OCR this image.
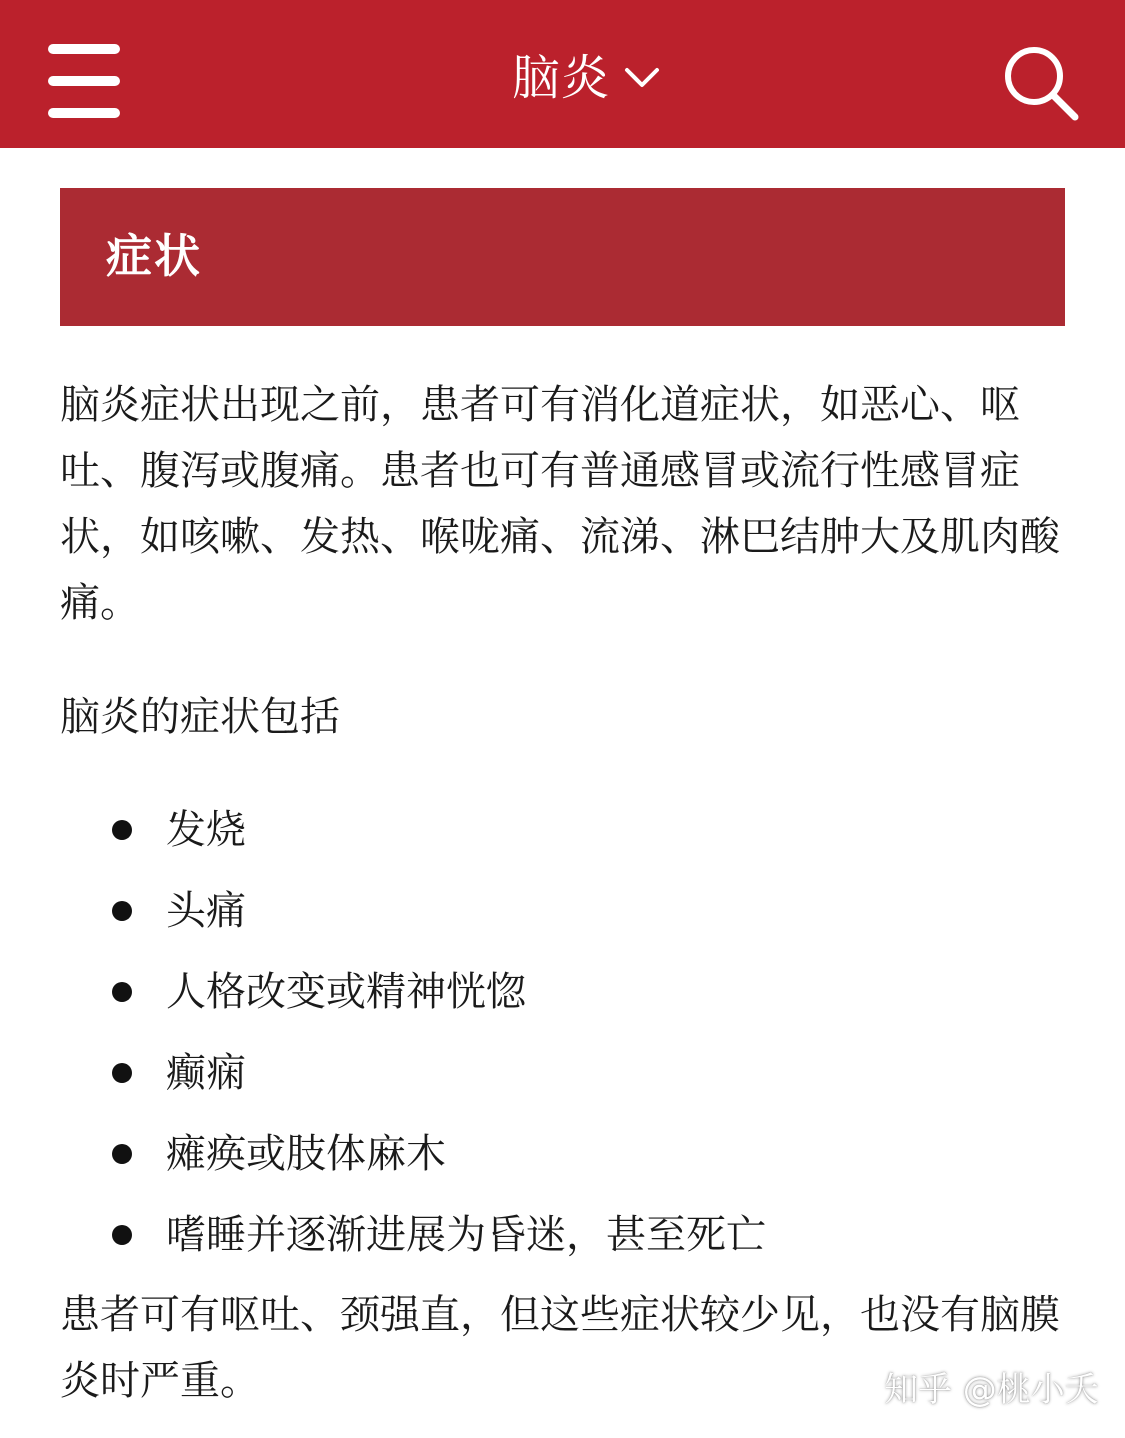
脑炎
症状

脑炎症状出现之前，患者可有消化道症状，如恶心、呕吐、腹泻或腹痛。患者也可有普通感冒或流行性感冒症状，如咳嗽、发热、喉咙痛、流涕、淋巴结肿大及肌肉酸痛。

脑炎的症状包括

发烧
头痛
人格改变或精神恍惚
癫痫
瘫痪或肢体麻木
嗜睡并逐渐进展为昏迷，甚至死亡

患者可有呕吐、颈强直，但这些症状较少见，也没有脑膜炎时严重。	知乎 @桃小夭
